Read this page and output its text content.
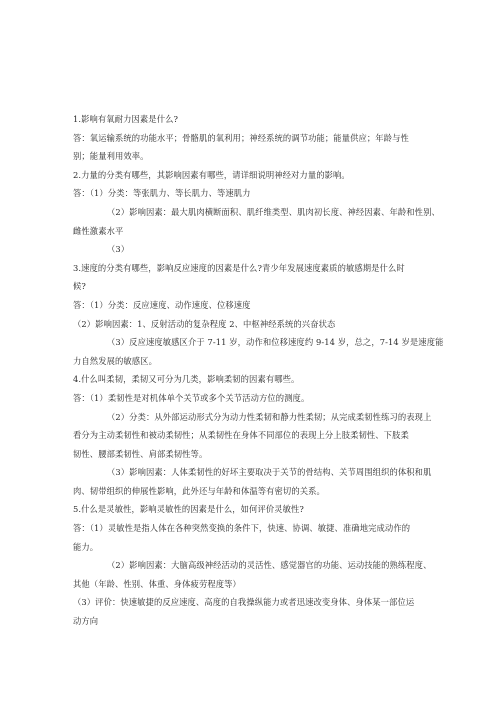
1.影响有氧耐力因素是什么?
答：氧运输系统的功能水平；骨骼肌的氧利用；神经系统的调节功能；能量供应；年龄与性
别；能量利用效率。
2.力量的分类有哪些，其影响因素有哪些，请详细说明神经对力量的影响。
答：（1）分类：等张肌力、等长肌力、等速肌力
（2）影响因素：最大肌肉横断面积、肌纤维类型、肌肉初长度、神经因素、年龄和性别、
雌性激素水平
（3）
3.速度的分类有哪些，影响反应速度的因素是什么?青少年发展速度素质的敏感期是什么时
候?
答：（1）分类：反应速度、动作速度、位移速度
（2）影响因素：1、反射活动的复杂程度 2、中枢神经系统的兴奋状态
（3）反应速度敏感区介于 7-11 岁，动作和位移速度约 9-14 岁，总之，7-14 岁是速度能
力自然发展的敏感区。
4.什么叫柔韧，柔韧又可分为几类，影响柔韧的因素有哪些。
答：（1）柔韧性是对机体单个关节或多个关节活动方位的测度。
（2）分类：从外部运动形式分为动力性柔韧和静力性柔韧；从完成柔韧性练习的表现上
看分为主动柔韧性和被动柔韧性；从柔韧性在身体不同部位的表现上分上肢柔韧性、下肢柔
韧性、腰部柔韧性、肩部柔韧性等。
（3）影响因素：人体柔韧性的好坏主要取决于关节的骨结构、关节周围组织的体积和肌
肉、韧带组织的伸展性影响，此外还与年龄和体温等有密切的关系。
5.什么是灵敏性，影响灵敏性的因素是什么，如何评价灵敏性?
答：（1）灵敏性是指人体在各种突然变换的条件下，快速、协调、敏捷、准确地完成动作的
能力。
（2）影响因素：大脑高级神经活动的灵活性、感觉器官的功能、运动技能的熟练程度、
其他（年龄、性别、体重、身体疲劳程度等）
（3）评价：快速敏捷的反应速度、高度的自我操纵能力或者迅速改变身体、身体某一部位运
动方向
